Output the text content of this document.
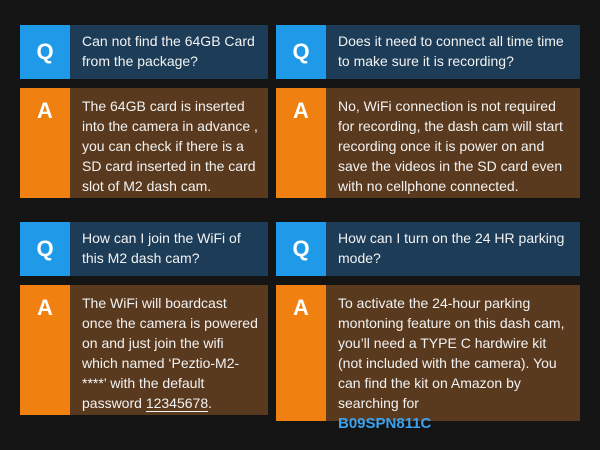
Q	Can not find the 64GB Card from the package?
A	The 64GB card is inserted into the camera in advance , you can check if there is a SD card inserted in the card slot of M2 dash cam.
Q	Does it need to connect all time time to make sure it is recording?
A	No, WiFi connection is not required for recording, the dash cam will start recording once it is power on and save the videos in the SD card even with no cellphone connected.
Q	How can I join the WiFi of this M2 dash cam?
A	The WiFi will boardcast once the camera is powered on and just join the wifi which named ‘Peztio-M2-****’ with the default password 12345678.
Q	How can I turn on the 24 HR parking mode?
A	To activate the 24-hour parking montoning feature on this dash cam, you’ll need a TYPE C hardwire kit (not included with the camera). You can find the kit on Amazon by searching for
B09SPN811C
